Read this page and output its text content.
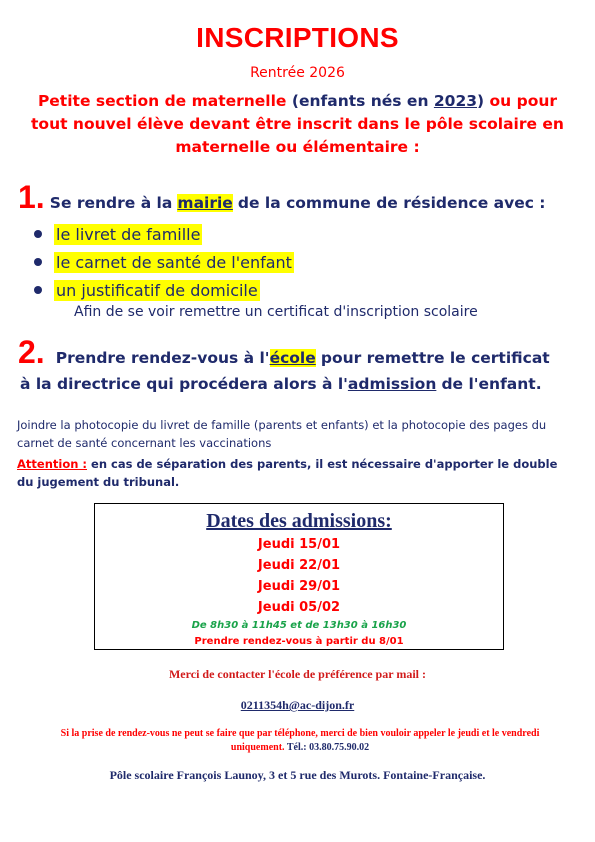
INSCRIPTIONS
Rentrée 2026
Petite section de maternelle (enfants nés en 2023) ou pour tout nouvel élève devant être inscrit dans le pôle scolaire en maternelle ou élémentaire :
1. Se rendre à la mairie de la commune de résidence avec :
le livret de famille
le carnet de santé de l'enfant
un justificatif de domicile
Afin de se voir remettre un certificat d'inscription scolaire
2. Prendre rendez-vous à l'école pour remettre le certificat
à la directrice qui procédera alors à l'admission de l'enfant.
Joindre la photocopie du livret de famille (parents et enfants) et la photocopie des pages du carnet de santé concernant les vaccinations
Attention : en cas de séparation des parents, il est nécessaire d'apporter le double du jugement du tribunal.
Dates des admissions:
Jeudi 15/01
Jeudi 22/01
Jeudi 29/01
Jeudi 05/02
De 8h30 à 11h45 et de 13h30 à 16h30
Prendre rendez-vous à partir du 8/01
Merci de contacter l'école de préférence par mail :
0211354h@ac-dijon.fr
Si la prise de rendez-vous ne peut se faire que par téléphone, merci de bien vouloir appeler le jeudi et le vendredi uniquement. Tél.: 03.80.75.90.02
Pôle scolaire François Launoy, 3 et 5 rue des Murots. Fontaine-Française.
